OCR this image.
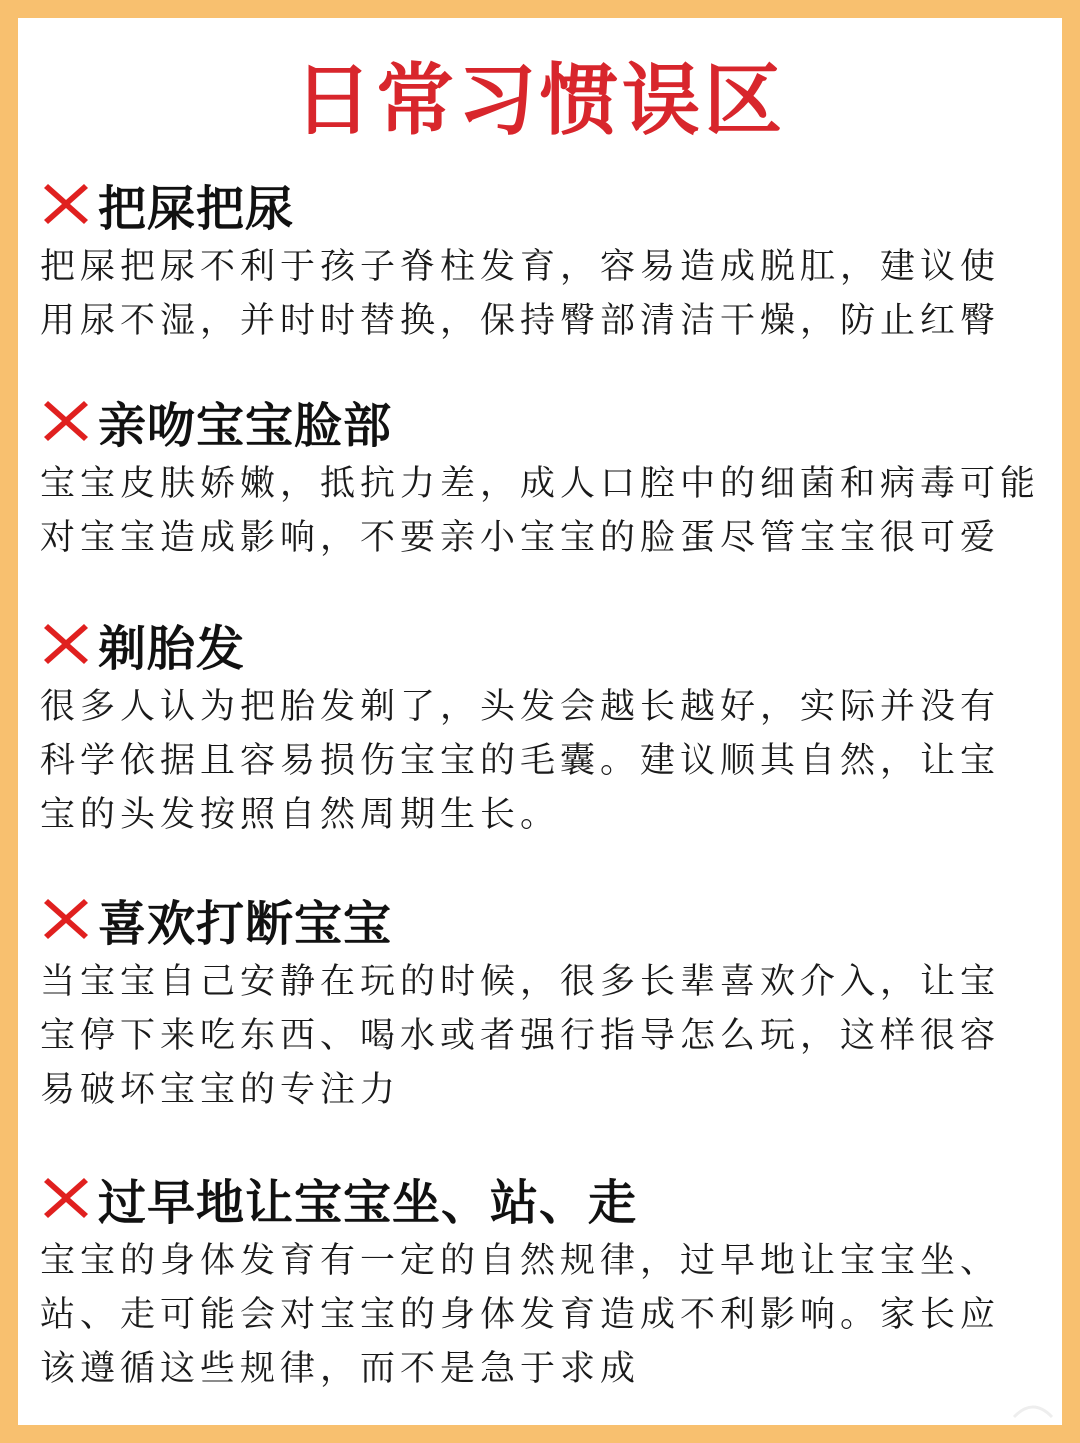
日常习惯误区
把屎把尿
把屎把尿不利于孩子脊柱发育，容易造成脱肛，建议使
用尿不湿，并时时替换，保持臀部清洁干燥，防止红臀
亲吻宝宝脸部
宝宝皮肤娇嫩，抵抗力差，成人口腔中的细菌和病毒可能
对宝宝造成影响，不要亲小宝宝的脸蛋尽管宝宝很可爱
剃胎发
很多人认为把胎发剃了，头发会越长越好，实际并没有
科学依据且容易损伤宝宝的毛囊。建议顺其自然，让宝
宝的头发按照自然周期生长。
喜欢打断宝宝
当宝宝自己安静在玩的时候，很多长辈喜欢介入，让宝
宝停下来吃东西、喝水或者强行指导怎么玩，这样很容
易破坏宝宝的专注力
过早地让宝宝坐、站、走
宝宝的身体发育有一定的自然规律，过早地让宝宝坐、
站、走可能会对宝宝的身体发育造成不利影响。家长应
该遵循这些规律，而不是急于求成
